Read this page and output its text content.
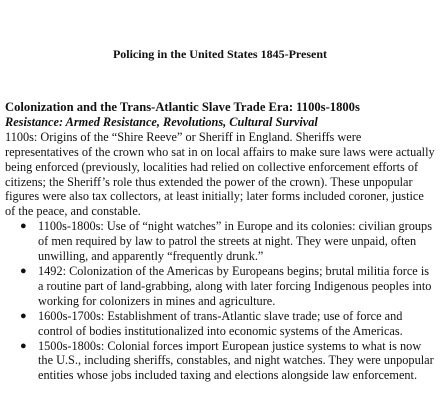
Policing in the United States 1845-Present

Colonization and the Trans-Atlantic Slave Trade Era: 1100s-1800s

Resistance: Armed Resistance, Revolutions, Cultural Survival

1100s: Origins of the “Shire Reeve” or Sheriff in England. Sheriffs were representatives of the crown who sat in on local affairs to make sure laws were actually being enforced (previously, localities had relied on collective enforcement efforts of citizens; the Sheriff’s role thus extended the power of the crown). These unpopular figures were also tax collectors, at least initially; later forms included coroner, justice of the peace, and constable.

● 1100s-1800s: Use of “night watches” in Europe and its colonies: civilian groups of men required by law to patrol the streets at night. They were unpaid, often unwilling, and apparently “frequently drunk.”
● 1492: Colonization of the Americas by Europeans begins; brutal militia force is a routine part of land-grabbing, along with later forcing Indigenous peoples into working for colonizers in mines and agriculture.
● 1600s-1700s: Establishment of trans-Atlantic slave trade; use of force and control of bodies institutionalized into economic systems of the Americas.
● 1500s-1800s: Colonial forces import European justice systems to what is now the U.S., including sheriffs, constables, and night watches. They were unpopular entities whose jobs included taxing and elections alongside law enforcement.
